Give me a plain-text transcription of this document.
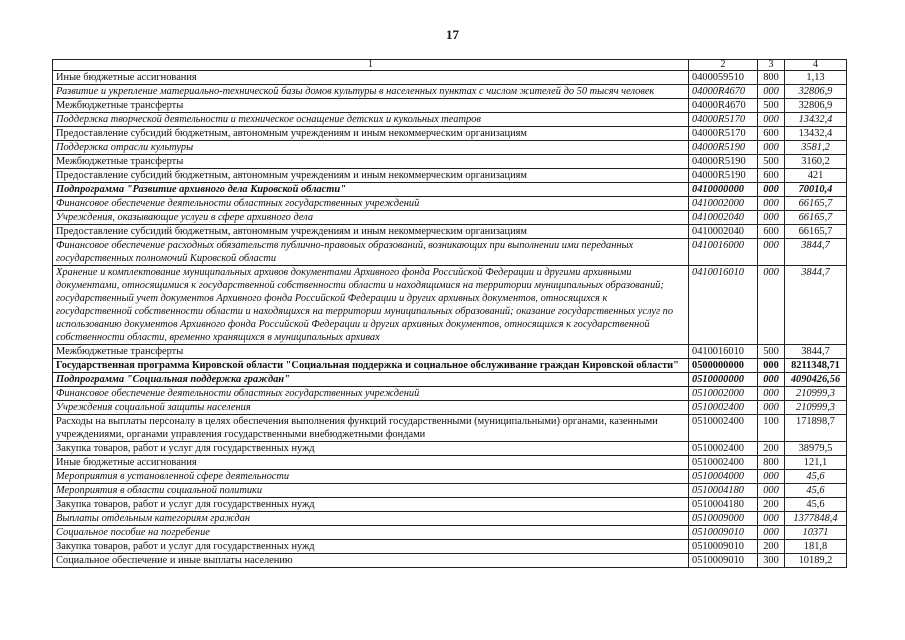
17
1	2	3	4
Иные бюджетные ассигнования	0400059510	800	1,13
Развитие и укрепление материально-технической базы домов культуры в населенных пунктах с числом жителей до 50 тысяч человек	04000R4670	000	32806,9
Межбюджетные трансферты	04000R4670	500	32806,9
Поддержка творческой деятельности и техническое оснащение детских и кукольных театров	04000R5170	000	13432,4
Предоставление субсидий бюджетным, автономным учреждениям и иным некоммерческим организациям	04000R5170	600	13432,4
Поддержка отрасли культуры	04000R5190	000	3581,2
Межбюджетные трансферты	04000R5190	500	3160,2
Предоставление субсидий бюджетным, автономным учреждениям и иным некоммерческим организациям	04000R5190	600	421
Подпрограмма "Развитие архивного дела Кировской области"	0410000000	000	70010,4
Финансовое обеспечение деятельности областных государственных учреждений	0410002000	000	66165,7
Учреждения, оказывающие услуги в сфере архивного дела	0410002040	000	66165,7
Предоставление субсидий бюджетным, автономным учреждениям и иным некоммерческим организациям	0410002040	600	66165,7
Финансовое обеспечение расходных обязательств публично-правовых образований, возникающих при выполнении ими переданных государственных полномочий Кировской области	0410016000	000	3844,7
Хранение и комплектование муниципальных архивов документами Архивного фонда Российской Федерации и другими архивными документами, относящимися к государственной собственности области и находящимися на территории муниципальных образований; государственный учет документов Архивного фонда Российской Федерации и других архивных документов, относящихся к государственной собственности области и находящихся на территории муниципальных образований; оказание государственных услуг по использованию документов Архивного фонда Российской Федерации и других архивных документов, относящихся к государственной собственности области, временно хранящихся в муниципальных архивах	0410016010	000	3844,7
Межбюджетные трансферты	0410016010	500	3844,7
Государственная программа Кировской области "Социальная поддержка и социальное обслуживание граждан Кировской области"	0500000000	000	8211348,71
Подпрограмма "Социальная поддержка граждан"	0510000000	000	4090426,56
Финансовое обеспечение деятельности областных государственных учреждений	0510002000	000	210999,3
Учреждения социальной защиты населения	0510002400	000	210999,3
Расходы на выплаты персоналу в целях обеспечения выполнения функций государственными (муниципальными) органами, казенными учреждениями, органами управления государственными внебюджетными фондами	0510002400	100	171898,7
Закупка товаров, работ и услуг для государственных нужд	0510002400	200	38979,5
Иные бюджетные ассигнования	0510002400	800	121,1
Мероприятия в установленной сфере деятельности	0510004000	000	45,6
Мероприятия в области социальной политики	0510004180	000	45,6
Закупка товаров, работ и услуг для государственных нужд	0510004180	200	45,6
Выплаты отдельным категориям граждан	0510009000	000	1377848,4
Социальное пособие на погребение	0510009010	000	10371
Закупка товаров, работ и услуг для государственных нужд	0510009010	200	181,8
Социальное обеспечение и иные выплаты населению	0510009010	300	10189,2
